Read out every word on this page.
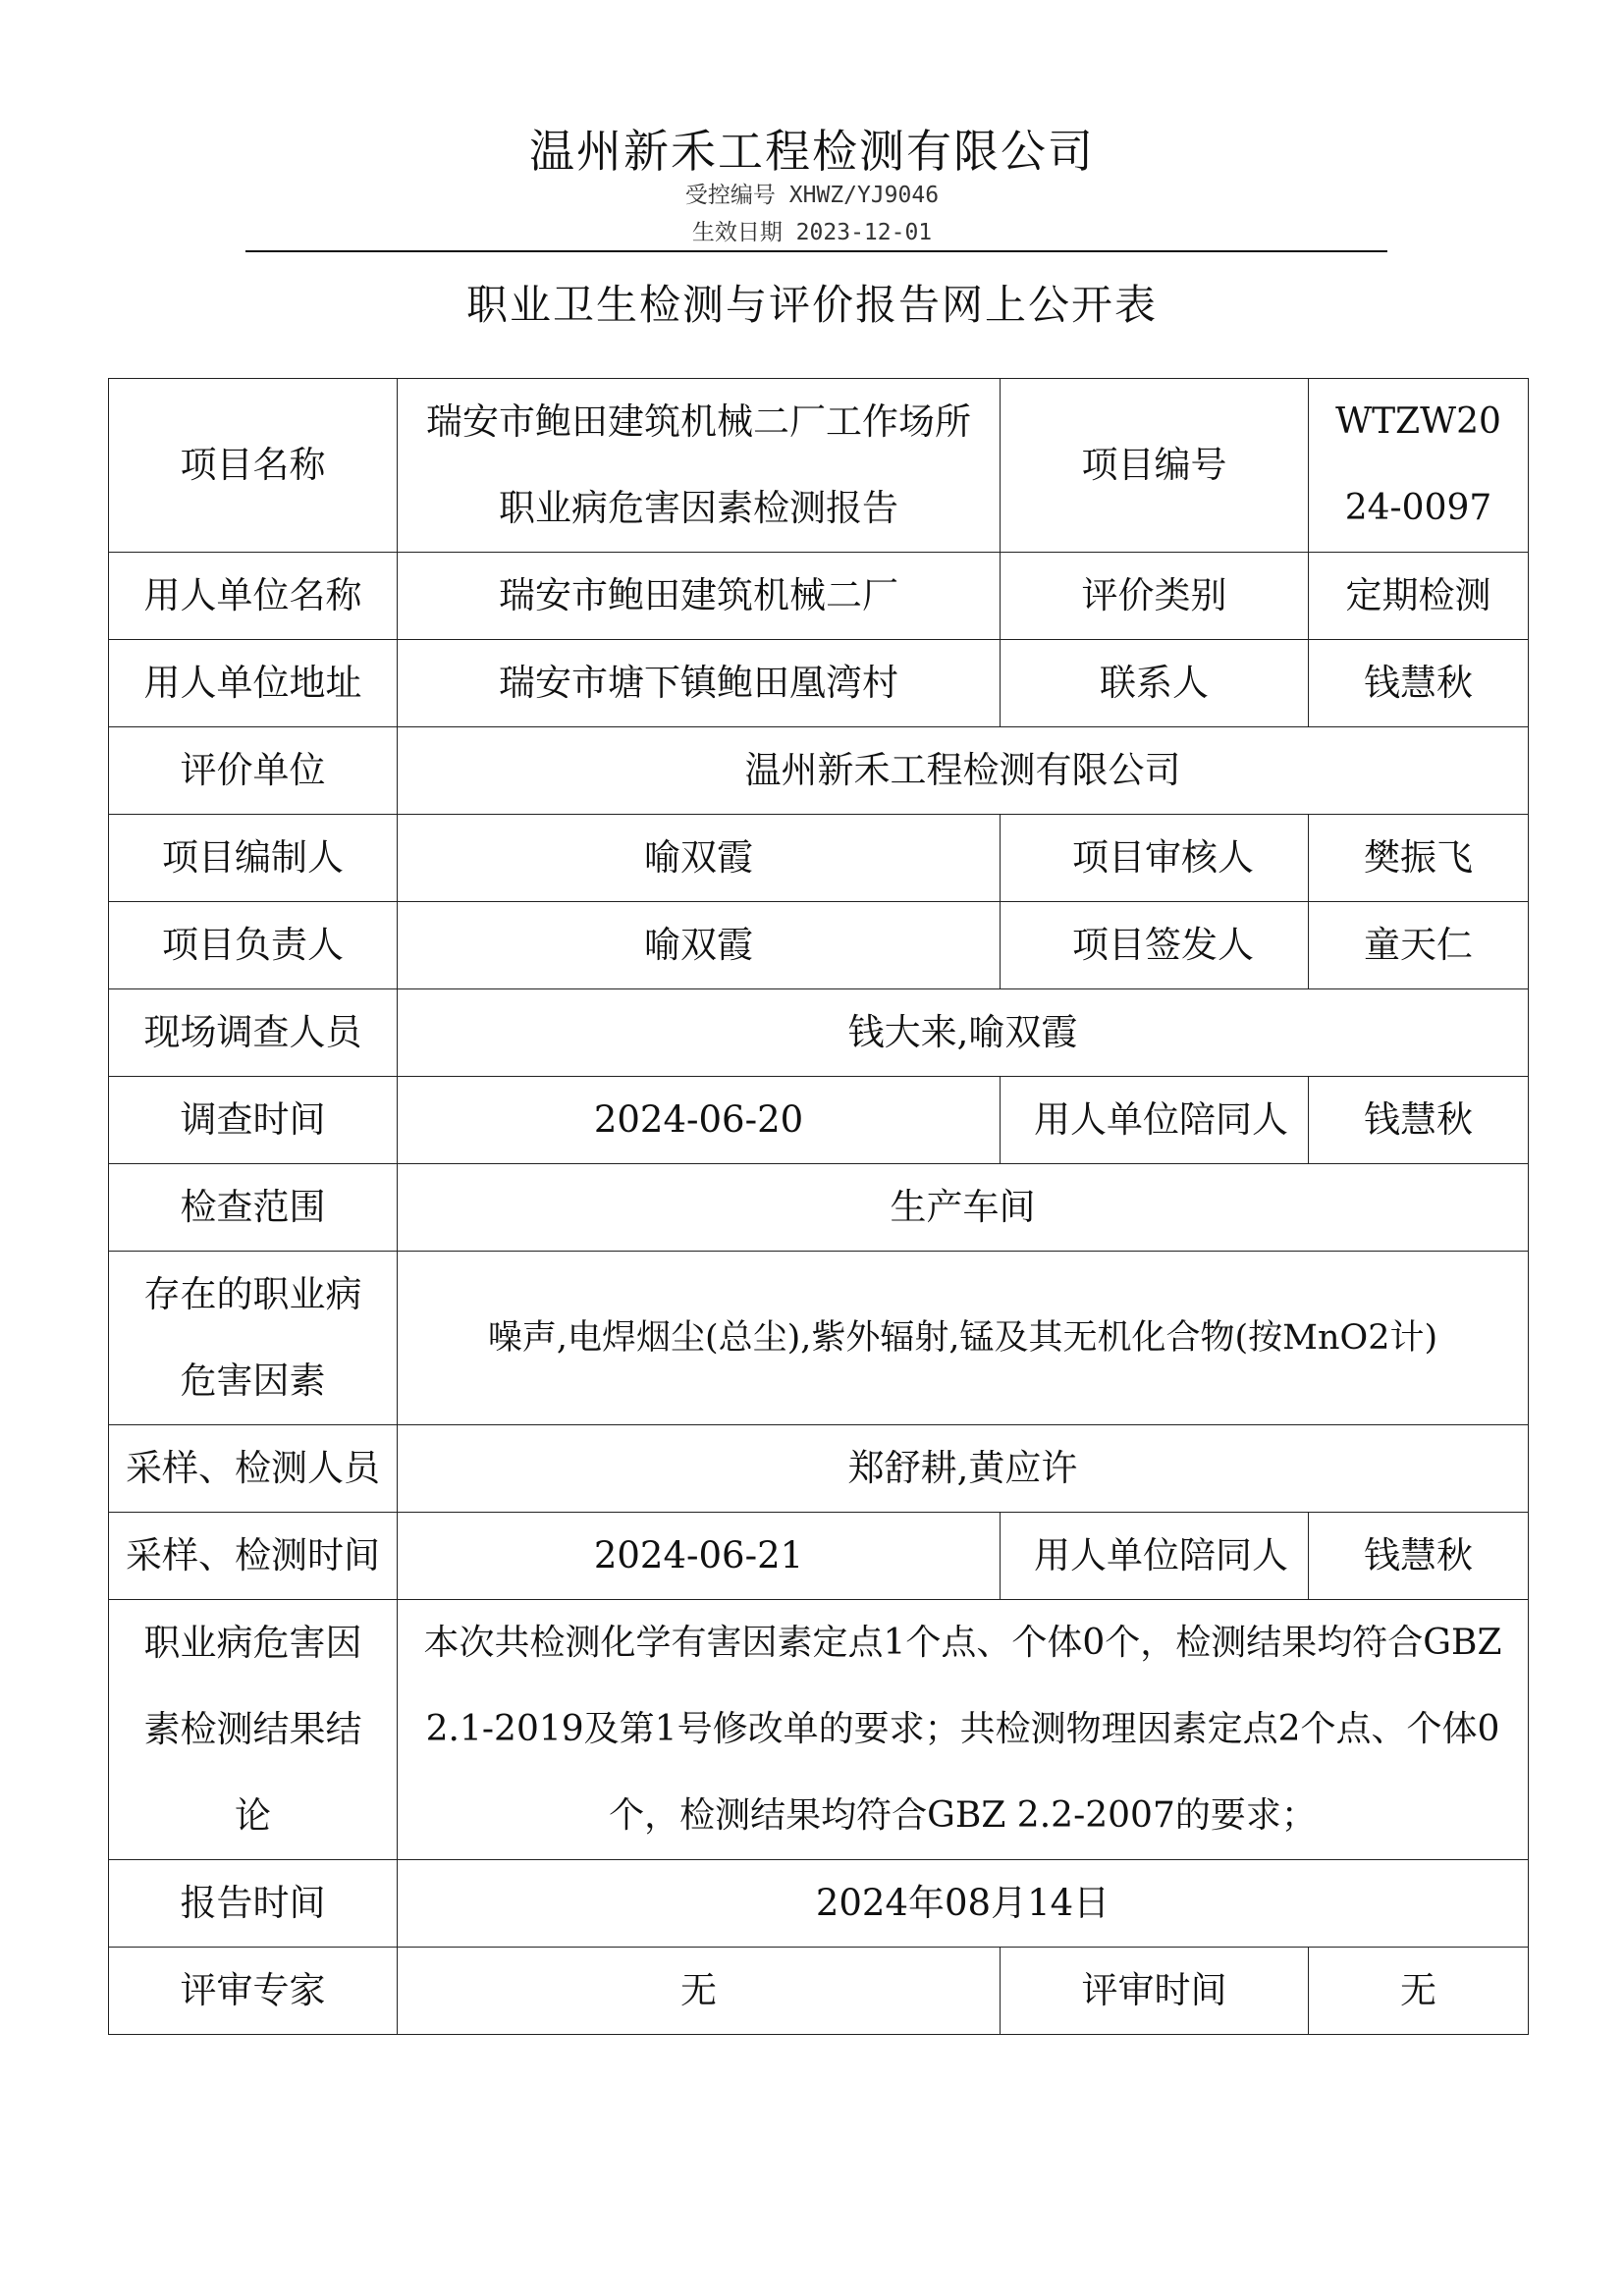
温州新禾工程检测有限公司
受控编号 XHWZ/YJ9046
生效日期 2023-12-01
职业卫生检测与评价报告网上公开表
项目名称	瑞安市鲍田建筑机械二厂工作场所职业病危害因素检测报告	项目编号	WTZW2024-0097
用人单位名称	瑞安市鲍田建筑机械二厂	评价类别	定期检测
用人单位地址	瑞安市塘下镇鲍田凰湾村	联系人	钱慧秋
评价单位	温州新禾工程检测有限公司		
项目编制人	喻双霞	项目审核人	樊振飞
项目负责人	喻双霞	项目签发人	童天仁
现场调查人员	钱大来,喻双霞		
调查时间	2024-06-20	用人单位陪同人	钱慧秋
检查范围	生产车间		
存在的职业病危害因素	噪声,电焊烟尘(总尘),紫外辐射,锰及其无机化合物(按MnO2计)		
采样、检测人员	郑舒耕,黄应许		
采样、检测时间	2024-06-21	用人单位陪同人	钱慧秋
职业病危害因素检测结果结论	本次共检测化学有害因素定点1个点、个体0个，检测结果均符合GBZ 2.1-2019及第1号修改单的要求；共检测物理因素定点2个点、个体0个，检测结果均符合GBZ 2.2-2007的要求；		
报告时间	2024年08月14日		
评审专家	无	评审时间	无
